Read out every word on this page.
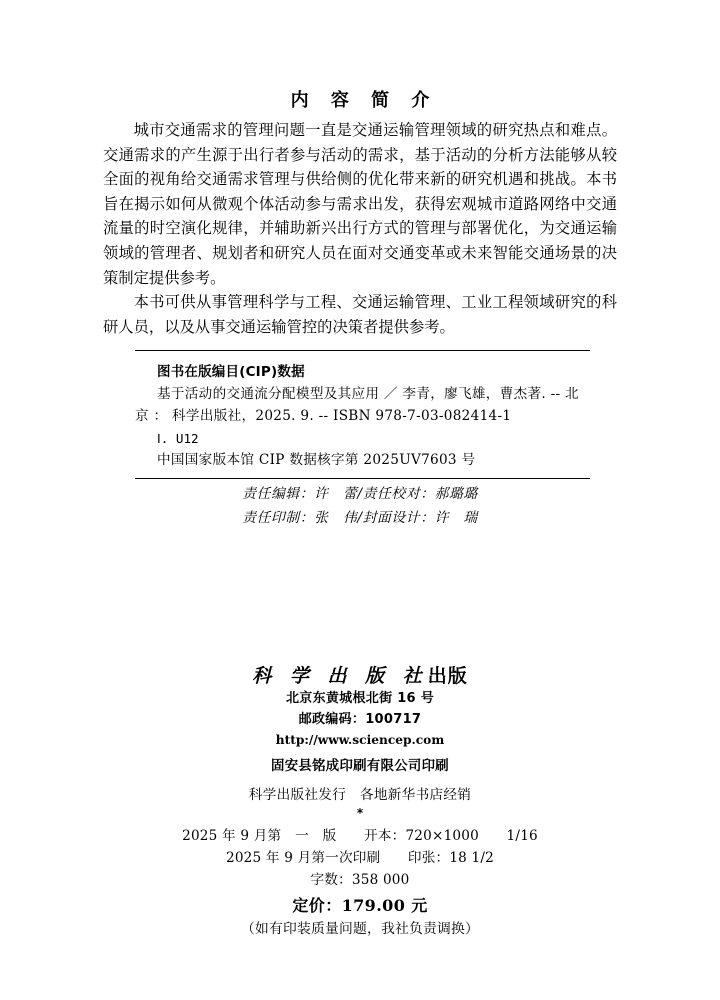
内 容 简 介

城市交通需求的管理问题一直是交通运输管理领域的研究热点和难点。交通需求的产生源于出行者参与活动的需求，基于活动的分析方法能够从较全面的视角给交通需求管理与供给侧的优化带来新的研究机遇和挑战。本书旨在揭示如何从微观个体活动参与需求出发，获得宏观城市道路网络中交通流量的时空演化规律，并辅助新兴出行方式的管理与部署优化，为交通运输领域的管理者、规划者和研究人员在面对交通变革或未来智能交通场景的决策制定提供参考。

本书可供从事管理科学与工程、交通运输管理、工业工程领域研究的科研人员，以及从事交通运输管控的决策者提供参考。

图书在版编目(CIP)数据
基于活动的交通流分配模型及其应用 ／ 李青，廖飞雄，曹杰著. -- 北京 ： 科学出版社，2025. 9. -- ISBN 978-7-03-082414-1
Ⅰ. U12
中国国家版本馆 CIP 数据核字第 2025UV7603 号
责任编辑：许　蕾/责任校对：郝璐璐
责任印制：张　伟/封面设计：许　瑞
科 学 出 版 社出版
北京东黄城根北街 16 号
邮政编码：100717
http://www.sciencep.com
固安县铭成印刷有限公司印刷
科学出版社发行　各地新华书店经销
*
2025 年 9 月第　一　版　　开本：720×1000　　1/16
2025 年 9 月第一次印刷　　印张：18 1/2
字数：358 000
定价：179.00 元
（如有印装质量问题，我社负责调换）
